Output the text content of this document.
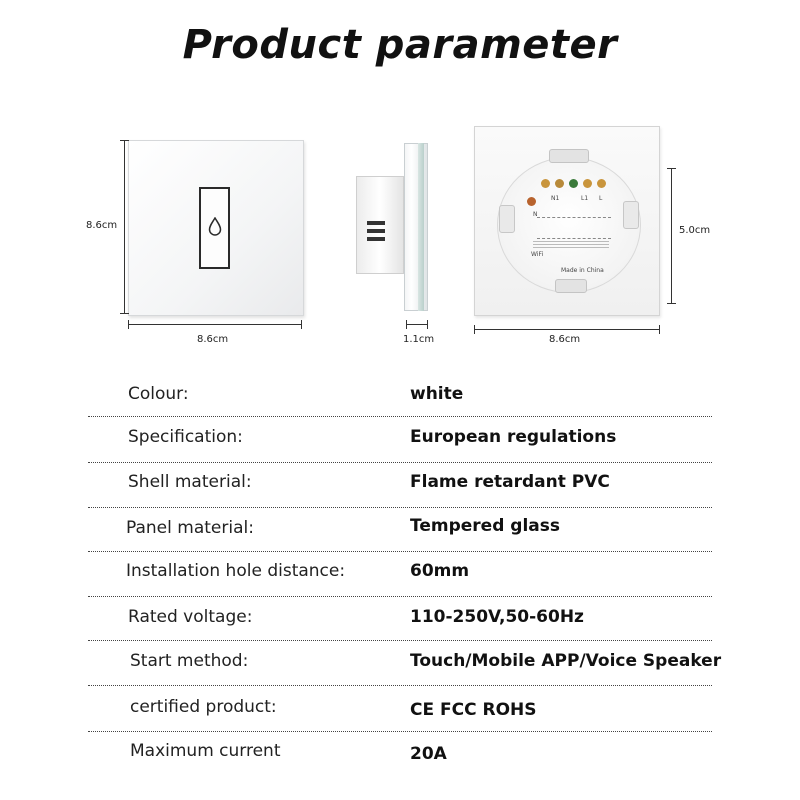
Product parameter
8.6cm
8.6cm	1.1cm
N
N1	L1 L
WiFi
Made in China
8.6cm
5.0cm
Colour:	white
Specification:	European regulations
Shell material:	Flame retardant PVC
Panel material:	Tempered glass
Installation hole distance:	60mm
Rated voltage:	110-250V,50-60Hz
Start method:	Touch/Mobile APP/Voice Speaker
certified product:	CE FCC ROHS
Maximum current	20A
